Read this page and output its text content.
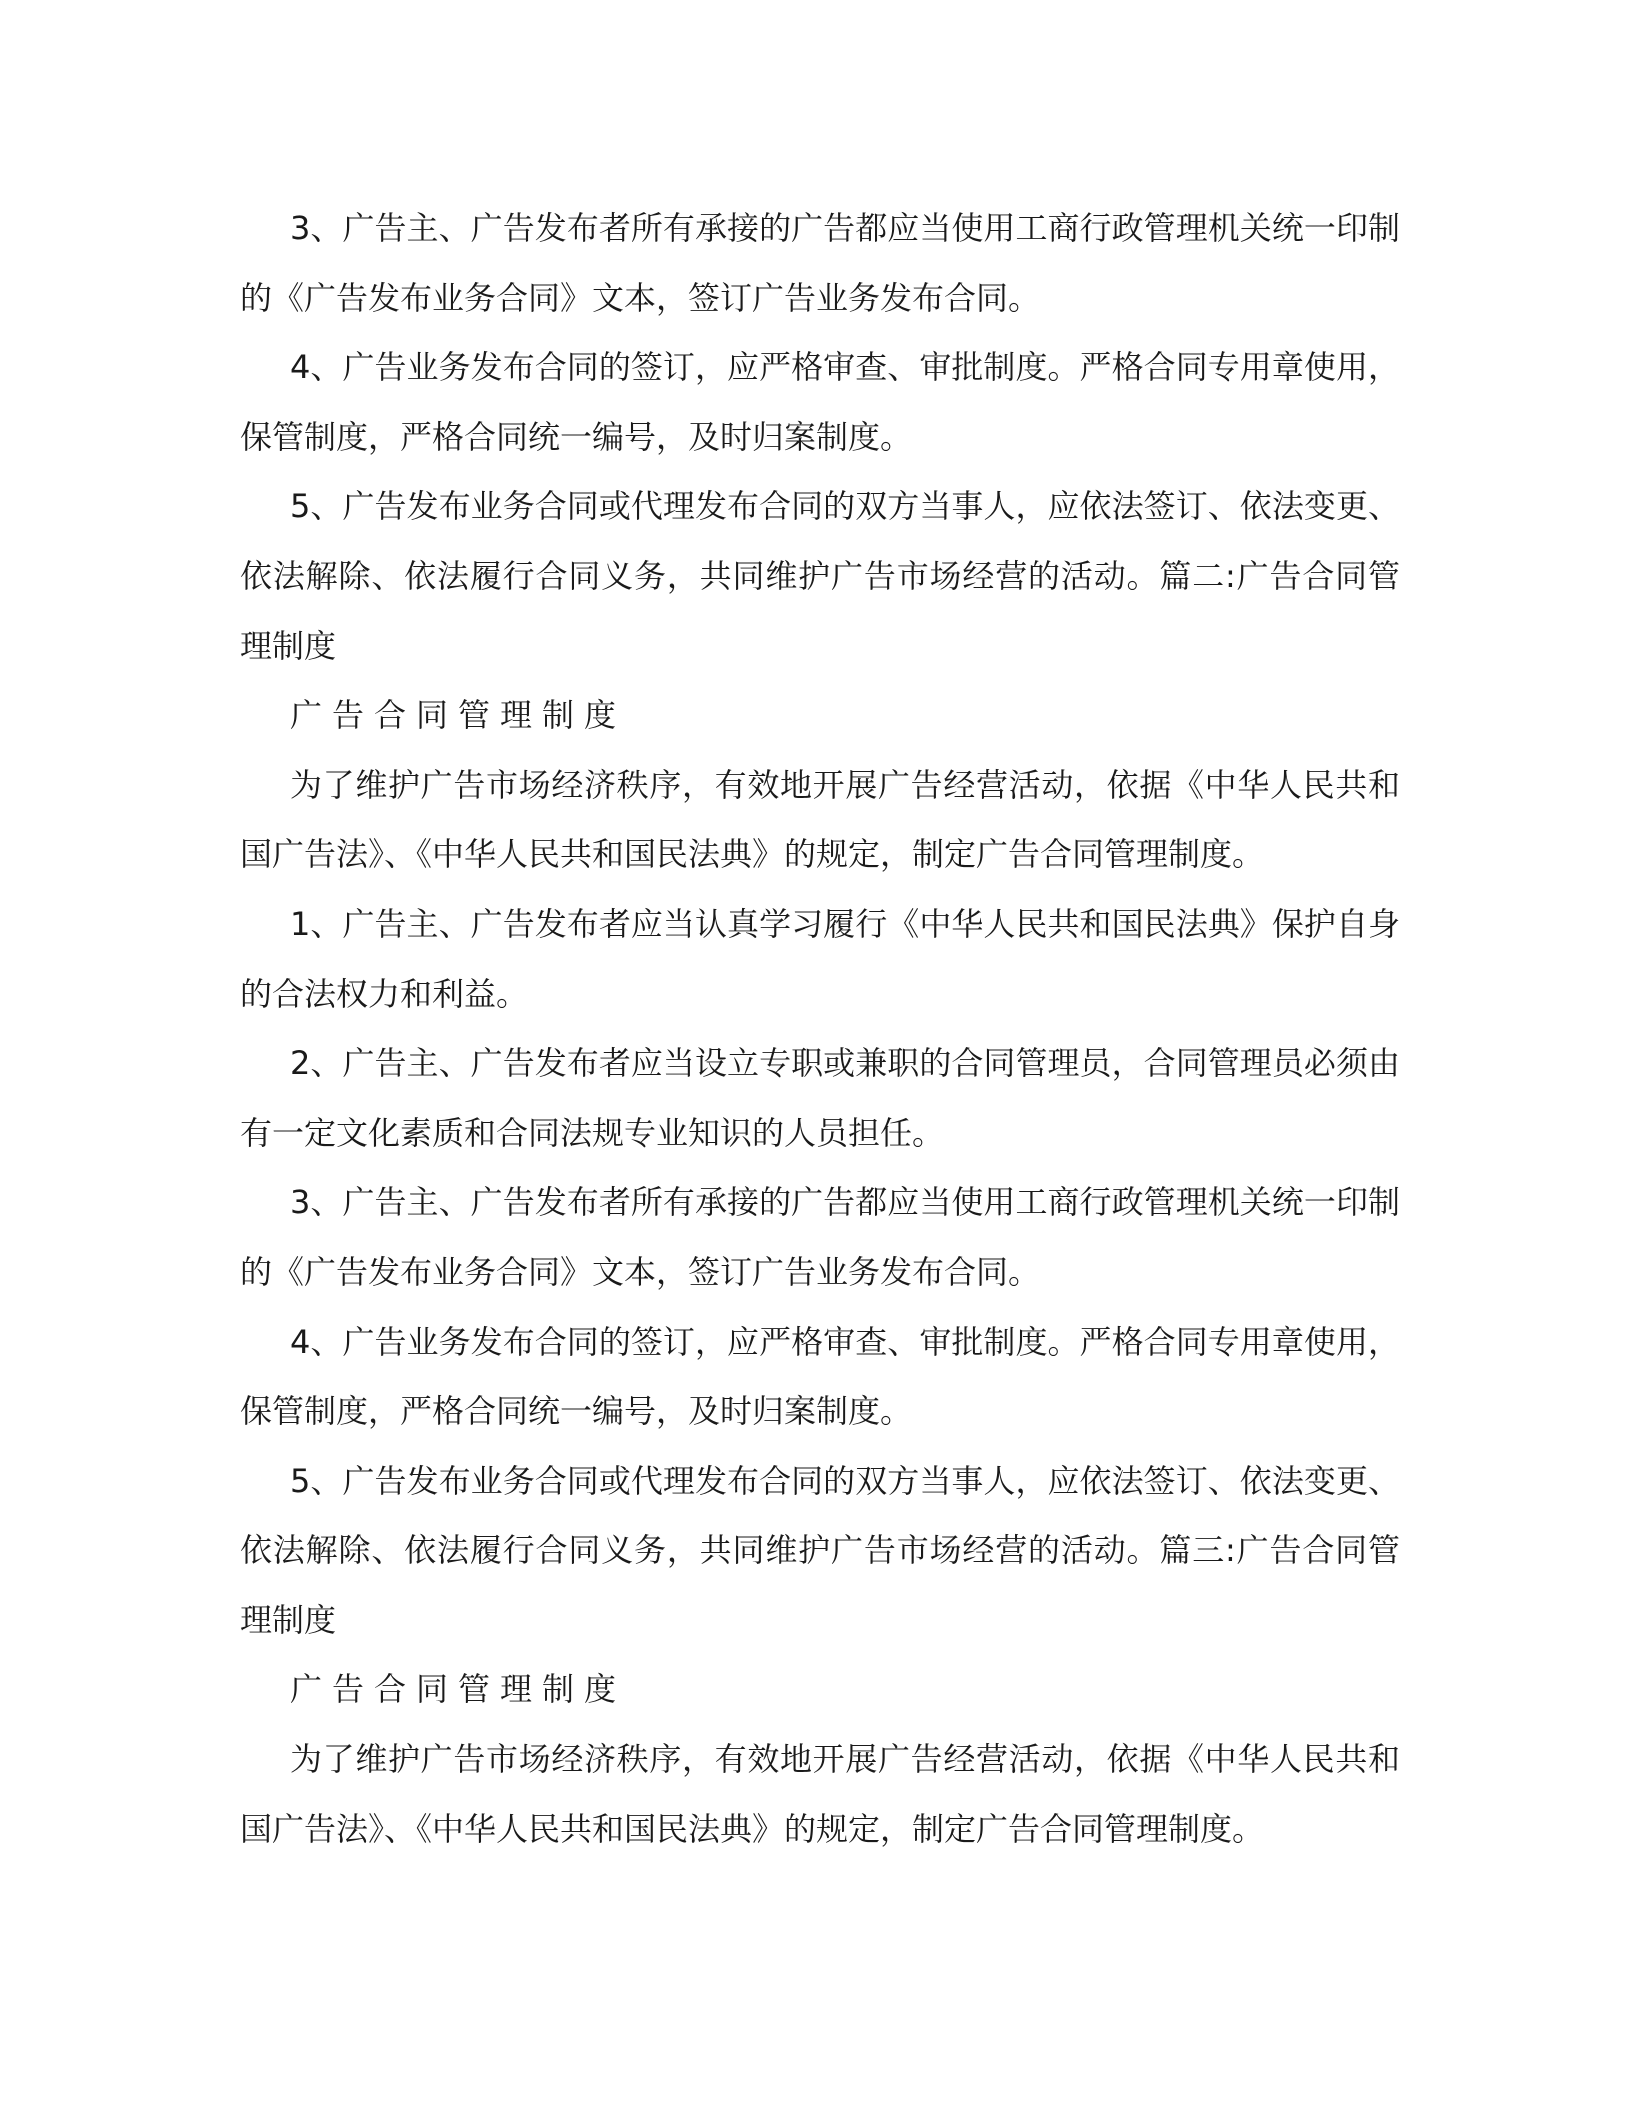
3、广告主、广告发布者所有承接的广告都应当使用工商行政管理机关统一印制的《广告发布业务合同》文本，签订广告业务发布合同。

4、广告业务发布合同的签订，应严格审查、审批制度。严格合同专用章使用，保管制度，严格合同统一编号，及时归案制度。

5、广告发布业务合同或代理发布合同的双方当事人，应依法签订、依法变更、依法解除、依法履行合同义务，共同维护广告市场经营的活动。篇二:广告合同管理制度

广告合同管理制度

为了维护广告市场经济秩序，有效地开展广告经营活动，依据《中华人民共和国广告法》、《中华人民共和国民法典》的规定，制定广告合同管理制度。

1、广告主、广告发布者应当认真学习履行《中华人民共和国民法典》保护自身的合法权力和利益。

2、广告主、广告发布者应当设立专职或兼职的合同管理员，合同管理员必须由有一定文化素质和合同法规专业知识的人员担任。

3、广告主、广告发布者所有承接的广告都应当使用工商行政管理机关统一印制的《广告发布业务合同》文本，签订广告业务发布合同。

4、广告业务发布合同的签订，应严格审查、审批制度。严格合同专用章使用，保管制度，严格合同统一编号，及时归案制度。

5、广告发布业务合同或代理发布合同的双方当事人，应依法签订、依法变更、依法解除、依法履行合同义务，共同维护广告市场经营的活动。篇三:广告合同管理制度

广告合同管理制度

为了维护广告市场经济秩序，有效地开展广告经营活动，依据《中华人民共和国广告法》、《中华人民共和国民法典》的规定，制定广告合同管理制度。
